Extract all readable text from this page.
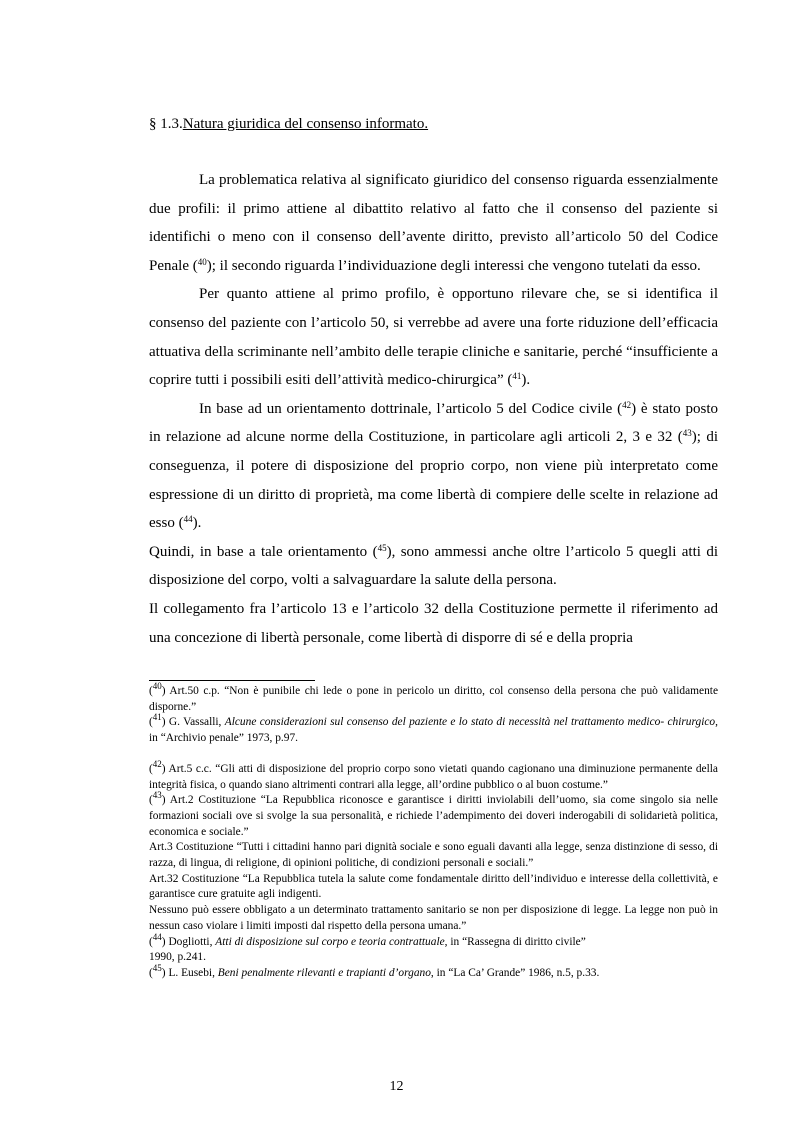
§ 1.3.Natura giuridica del consenso informato.

La problematica relativa al significato giuridico del consenso riguarda essenzialmente due profili: il primo attiene al dibattito relativo al fatto che il consenso del paziente si identifichi o meno con il consenso dell’avente diritto, previsto all’articolo 50 del Codice Penale ($^{40}$); il secondo riguarda l’individuazione degli interessi che vengono tutelati da esso.

Per quanto attiene al primo profilo, è opportuno rilevare che, se si identifica il consenso del paziente con l’articolo 50, si verrebbe ad avere una forte riduzione dell’efficacia attuativa della scriminante nell’ambito delle terapie cliniche e sanitarie, perché “insufficiente a coprire tutti i possibili esiti dell’attività medico-chirurgica” ($^{41}$).

In base ad un orientamento dottrinale, l’articolo 5 del Codice civile ($^{42}$) è stato posto in relazione ad alcune norme della Costituzione, in particolare agli articoli 2, 3 e 32 ($^{43}$); di conseguenza, il potere di disposizione del proprio corpo, non viene più interpretato come espressione di un diritto di proprietà, ma come libertà di compiere delle scelte in relazione ad esso ($^{44}$).

Quindi, in base a tale orientamento ($^{45}$), sono ammessi anche oltre l’articolo 5 quegli atti di disposizione del corpo, volti a salvaguardare la salute della persona.

Il collegamento fra l’articolo 13 e l’articolo 32 della Costituzione permette il riferimento ad una concezione di libertà personale, come libertà di disporre di sé e della propria

($^{40}$) Art.50 c.p. “Non è punibile chi lede o pone in pericolo un diritto, col consenso della persona che può validamente disporne.”

($^{41}$) G. Vassalli, Alcune considerazioni sul consenso del paziente e lo stato di necessità nel trattamento medico- chirurgico, in “Archivio penale” 1973, p.97.

($^{42}$) Art.5 c.c. “Gli atti di disposizione del proprio corpo sono vietati quando cagionano una diminuzione permanente della integrità fisica, o quando siano altrimenti contrari alla legge, all’ordine pubblico o al buon costume.”

($^{43}$) Art.2 Costituzione “La Repubblica riconosce e garantisce i diritti inviolabili dell’uomo, sia come singolo sia nelle formazioni sociali ove si svolge la sua personalità, e richiede l’adempimento dei doveri inderogabili di solidarietà politica, economica e sociale.”

Art.3 Costituzione “Tutti i cittadini hanno pari dignità sociale e sono eguali davanti alla legge, senza distinzione di sesso, di razza, di lingua, di religione, di opinioni politiche, di condizioni personali e sociali.”

Art.32 Costituzione “La Repubblica tutela la salute come fondamentale diritto dell’individuo e interesse della collettività, e garantisce cure gratuite agli indigenti.

Nessuno può essere obbligato a un determinato trattamento sanitario se non per disposizione di legge. La legge non può in nessun caso violare i limiti imposti dal rispetto della persona umana.”

($^{44}$) Dogliotti, Atti di disposizione sul corpo e teoria contrattuale, in “Rassegna di diritto civile”

1990, p.241.

($^{45}$) L. Eusebi, Beni penalmente rilevanti e trapianti d’organo, in “La Ca’ Grande” 1986, n.5, p.33.

12
